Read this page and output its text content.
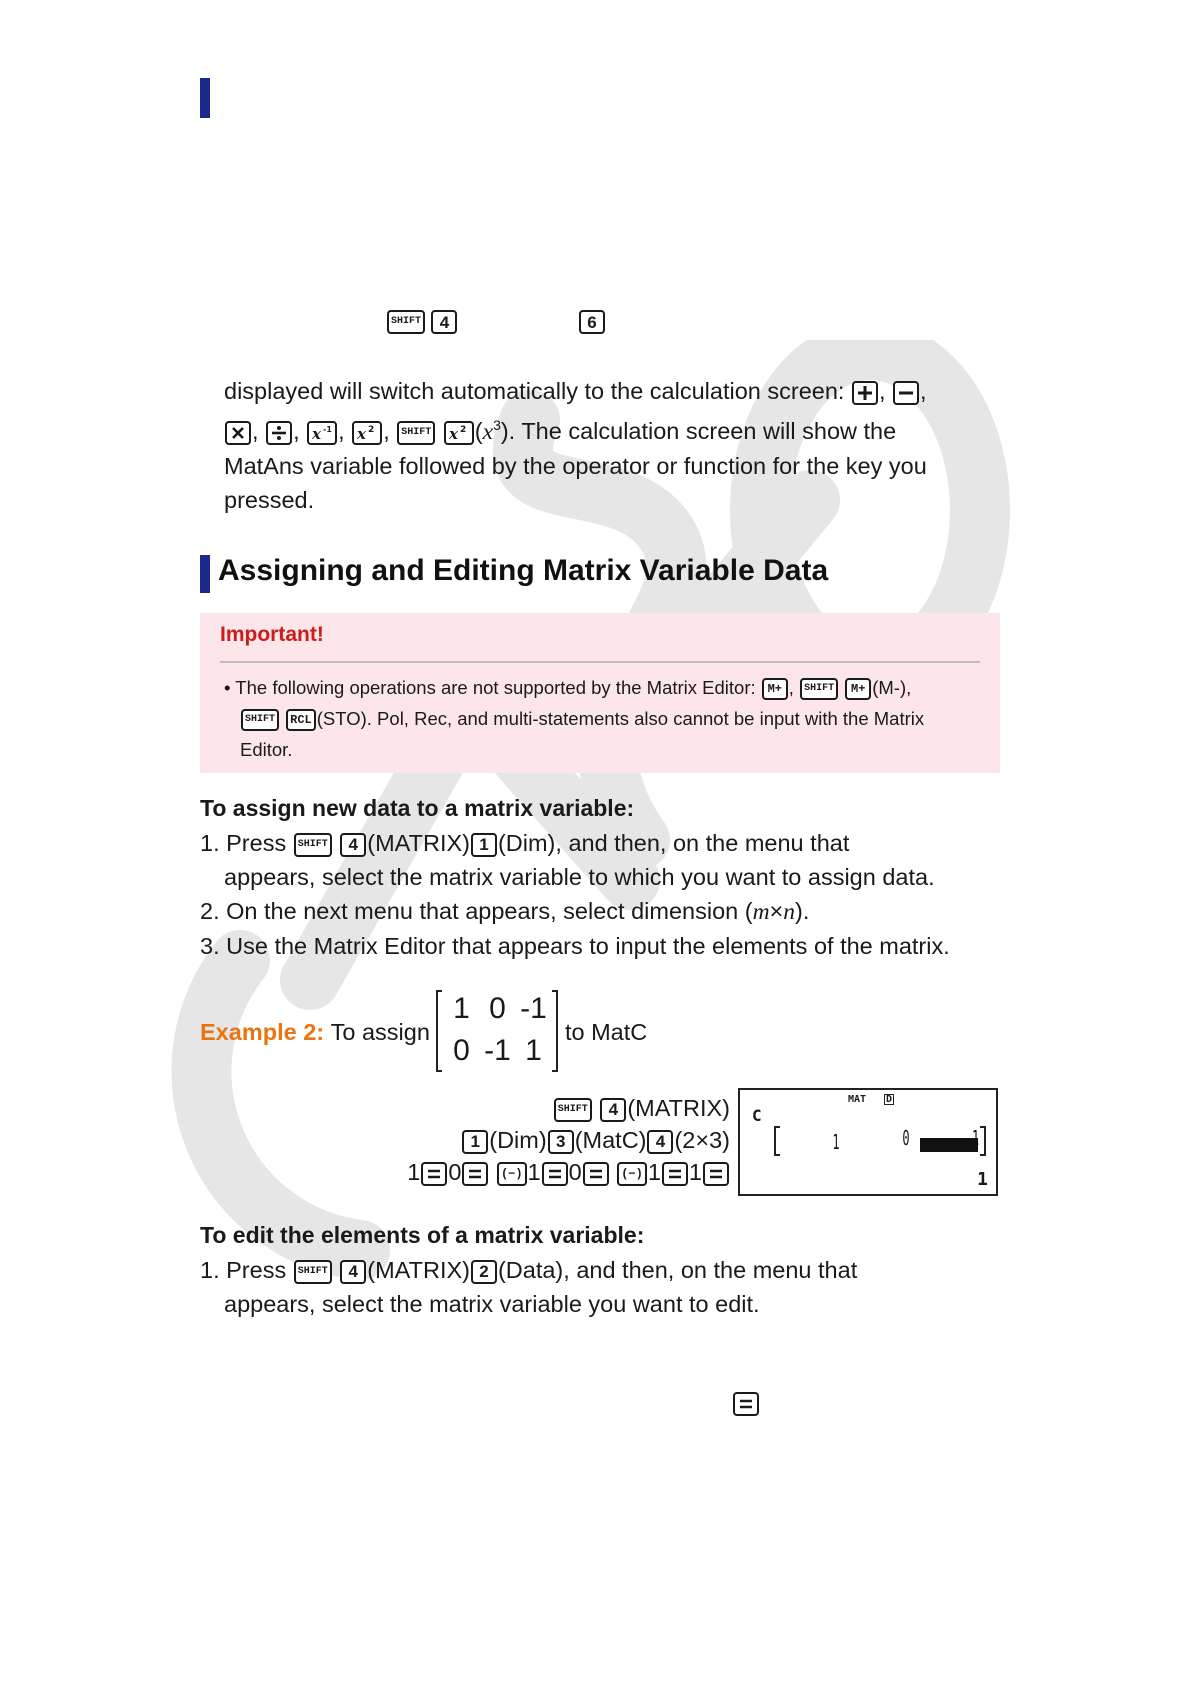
SHIFT 4	6
displayed will switch automatically to the calculation screen: ,
,
,
, x -1 , x 2 , SHIFT x 2 $(x^3)$. The calculation screen will show the
MatAns variable followed by the operator or function for the key you
pressed.
Assigning and Editing Matrix Variable Data
Important!
• The following operations are not supported by the Matrix Editor: M+ , SHIFT M+ (M-),
SHIFT RCL (STO). Pol, Rec, and multi-statements also cannot be input with the Matrix
Editor.
To assign new data to a matrix variable:
1. Press SHIFT 4 (MATRIX) 1 (Dim), and then, on the menu that
appears, select the matrix variable to which you want to assign data.
2. On the next menu that appears, select dimension (m×n).
3. Use the Matrix Editor that appears to input the elements of the matrix.
Example 2:
To assign

1 0 -1
0 -1 1

to MatC
SHIFT 4 (MATRIX)
1 (Dim) 3 (MatC) 4 (2×3)
1 0	(−) 1 0	(−) 1 1
MAT D
C
1	0	-1
1
To edit the elements of a matrix variable:
1. Press SHIFT 4 (MATRIX) 2 (Data), and then, on the menu that
appears, select the matrix variable you want to edit.
